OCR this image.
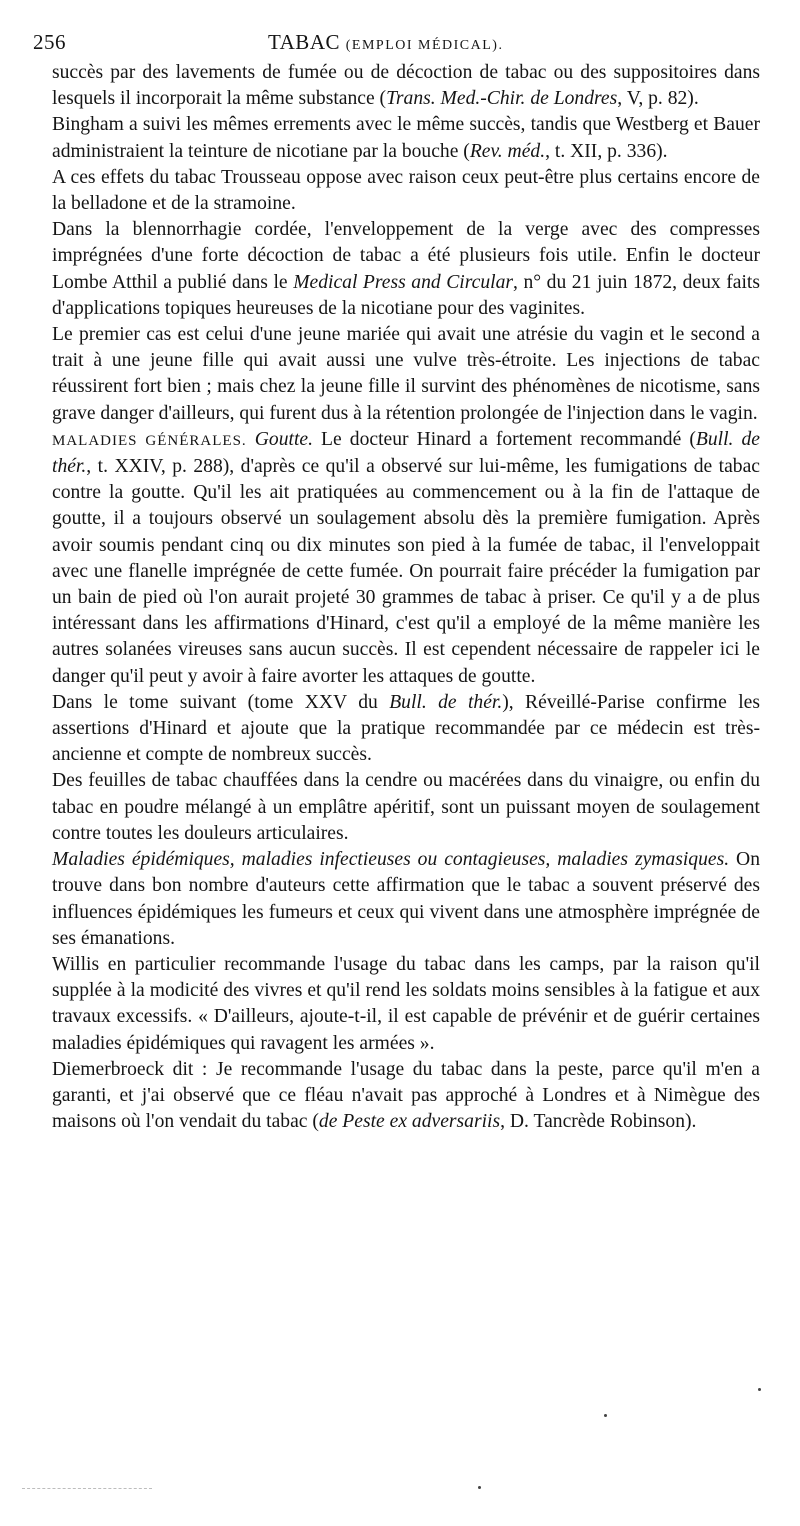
256	TABAC (EMPLOI MÉDICAL).

succès par des lavements de fumée ou de décoction de tabac ou des suppositoires dans lesquels il incorporait la même substance (Trans. Med.-Chir. de Londres, V, p. 82).

Bingham a suivi les mêmes errements avec le même succès, tandis que Westberg et Bauer administraient la teinture de nicotiane par la bouche (Rev. méd., t. XII, p. 336).

A ces effets du tabac Trousseau oppose avec raison ceux peut-être plus certains encore de la belladone et de la stramoine.

Dans la blennorrhagie cordée, l'enveloppement de la verge avec des compresses imprégnées d'une forte décoction de tabac a été plusieurs fois utile. Enfin le docteur Lombe Atthil a publié dans le Medical Press and Circular, n° du 21 juin 1872, deux faits d'applications topiques heureuses de la nicotiane pour des vaginites.

Le premier cas est celui d'une jeune mariée qui avait une atrésie du vagin et le second a trait à une jeune fille qui avait aussi une vulve très-étroite. Les injections de tabac réussirent fort bien ; mais chez la jeune fille il survint des phénomènes de nicotisme, sans grave danger d'ailleurs, qui furent dus à la rétention prolongée de l'injection dans le vagin.

MALADIES GÉNÉRALES. Goutte. Le docteur Hinard a fortement recommandé (Bull. de thér., t. XXIV, p. 288), d'après ce qu'il a observé sur lui-même, les fumigations de tabac contre la goutte. Qu'il les ait pratiquées au commencement ou à la fin de l'attaque de goutte, il a toujours observé un soulagement absolu dès la première fumigation. Après avoir soumis pendant cinq ou dix minutes son pied à la fumée de tabac, il l'enveloppait avec une flanelle imprégnée de cette fumée. On pourrait faire précéder la fumigation par un bain de pied où l'on aurait projeté 30 grammes de tabac à priser. Ce qu'il y a de plus intéressant dans les affirmations d'Hinard, c'est qu'il a employé de la même manière les autres solanées vireuses sans aucun succès. Il est cependent nécessaire de rappeler ici le danger qu'il peut y avoir à faire avorter les attaques de goutte.

Dans le tome suivant (tome XXV du Bull. de thér.), Réveillé-Parise confirme les assertions d'Hinard et ajoute que la pratique recommandée par ce médecin est très-ancienne et compte de nombreux succès.

Des feuilles de tabac chauffées dans la cendre ou macérées dans du vinaigre, ou enfin du tabac en poudre mélangé à un emplâtre apéritif, sont un puissant moyen de soulagement contre toutes les douleurs articulaires.

Maladies épidémiques, maladies infectieuses ou contagieuses, maladies zymasiques. On trouve dans bon nombre d'auteurs cette affirmation que le tabac a souvent préservé des influences épidémiques les fumeurs et ceux qui vivent dans une atmosphère imprégnée de ses émanations.

Willis en particulier recommande l'usage du tabac dans les camps, par la raison qu'il supplée à la modicité des vivres et qu'il rend les soldats moins sensibles à la fatigue et aux travaux excessifs. « D'ailleurs, ajoute-t-il, il est capable de prévénir et de guérir certaines maladies épidémiques qui ravagent les armées ».

Diemerbroeck dit : Je recommande l'usage du tabac dans la peste, parce qu'il m'en a garanti, et j'ai observé que ce fléau n'avait pas approché à Londres et à Nimègue des maisons où l'on vendait du tabac (de Peste ex adversariis, D. Tancrède Robinson).
